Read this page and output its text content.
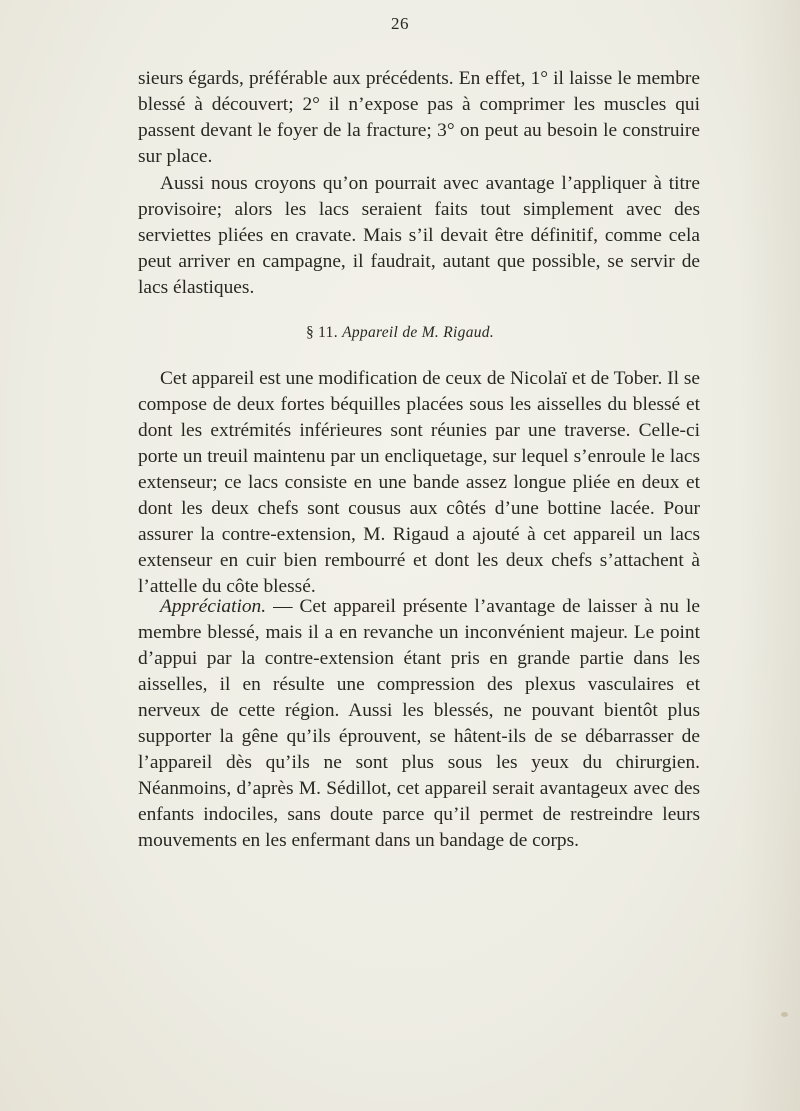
26

sieurs égards, préférable aux précédents. En effet, 1° il laisse le membre blessé à découvert; 2° il n’expose pas à comprimer les muscles qui passent devant le foyer de la fracture; 3° on peut au besoin le construire sur place.

Aussi nous croyons qu’on pourrait avec avantage l’appliquer à titre provisoire; alors les lacs seraient faits tout simplement avec des serviettes pliées en cravate. Mais s’il devait être définitif, comme cela peut arriver en campagne, il faudrait, autant que possible, se servir de lacs élastiques.

§ 11. Appareil de M. Rigaud.

Cet appareil est une modification de ceux de Nicolaï et de Tober. Il se compose de deux fortes béquilles placées sous les aisselles du blessé et dont les extrémités inférieures sont réunies par une traverse. Celle-ci porte un treuil maintenu par un encliquetage, sur lequel s’enroule le lacs extenseur; ce lacs consiste en une bande assez longue pliée en deux et dont les deux chefs sont cousus aux côtés d’une bottine lacée. Pour assurer la contre-extension, M. Rigaud a ajouté à cet appareil un lacs extenseur en cuir bien rembourré et dont les deux chefs s’attachent à l’attelle du côte blessé.

Appréciation. — Cet appareil présente l’avantage de laisser à nu le membre blessé, mais il a en revanche un inconvénient majeur. Le point d’appui par la contre-extension étant pris en grande partie dans les aisselles, il en résulte une compression des plexus vasculaires et nerveux de cette région. Aussi les blessés, ne pouvant bientôt plus supporter la gêne qu’ils éprouvent, se hâtent-ils de se débarrasser de l’appareil dès qu’ils ne sont plus sous les yeux du chirurgien. Néanmoins, d’après M. Sédillot, cet appareil serait avantageux avec des enfants indociles, sans doute parce qu’il permet de restreindre leurs mouvements en les enfermant dans un bandage de corps.
